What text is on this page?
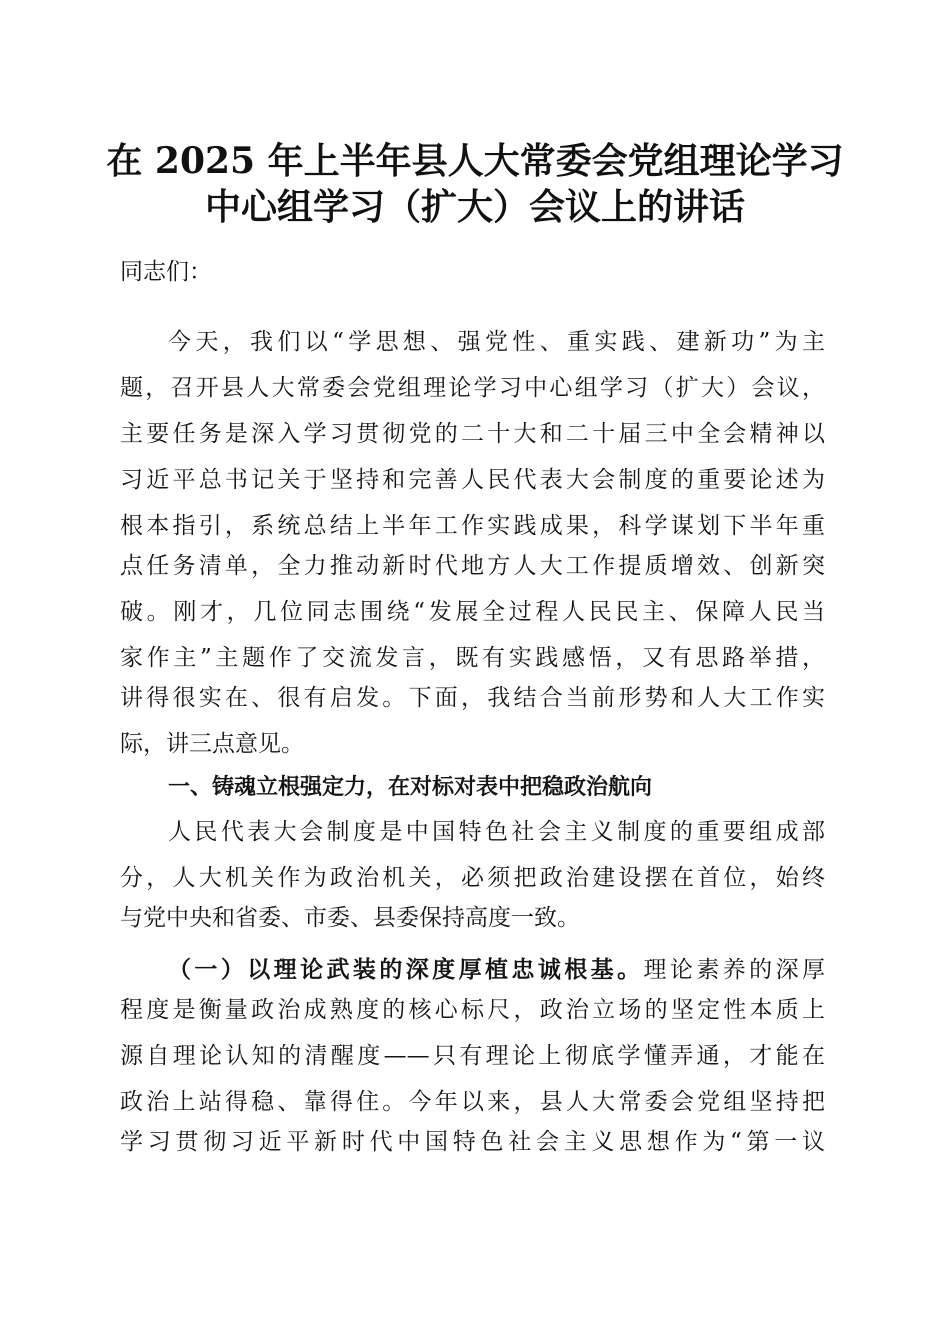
在 2025 年上半年县人大常委会党组理论学习
中心组学习（扩大）会议上的讲话
同志们：
今天，我们以“学思想、强党性、重实践、建新功”为主
题，召开县人大常委会党组理论学习中心组学习（扩大）会议，
主要任务是深入学习贯彻党的二十大和二十届三中全会精神以
习近平总书记关于坚持和完善人民代表大会制度的重要论述为
根本指引，系统总结上半年工作实践成果，科学谋划下半年重
点任务清单，全力推动新时代地方人大工作提质增效、创新突
破。刚才，几位同志围绕“发展全过程人民民主、保障人民当
家作主”主题作了交流发言，既有实践感悟，又有思路举措，
讲得很实在、很有启发。下面，我结合当前形势和人大工作实
际，讲三点意见。
一、铸魂立根强定力，在对标对表中把稳政治航向
人民代表大会制度是中国特色社会主义制度的重要组成部
分，人大机关作为政治机关，必须把政治建设摆在首位，始终
与党中央和省委、市委、县委保持高度一致。
（一）以理论武装的深度厚植忠诚根基。理论素养的深厚
程度是衡量政治成熟度的核心标尺，政治立场的坚定性本质上
源自理论认知的清醒度——只有理论上彻底学懂弄通，才能在
政治上站得稳、靠得住。今年以来，县人大常委会党组坚持把
学习贯彻习近平新时代中国特色社会主义思想作为“第一议
